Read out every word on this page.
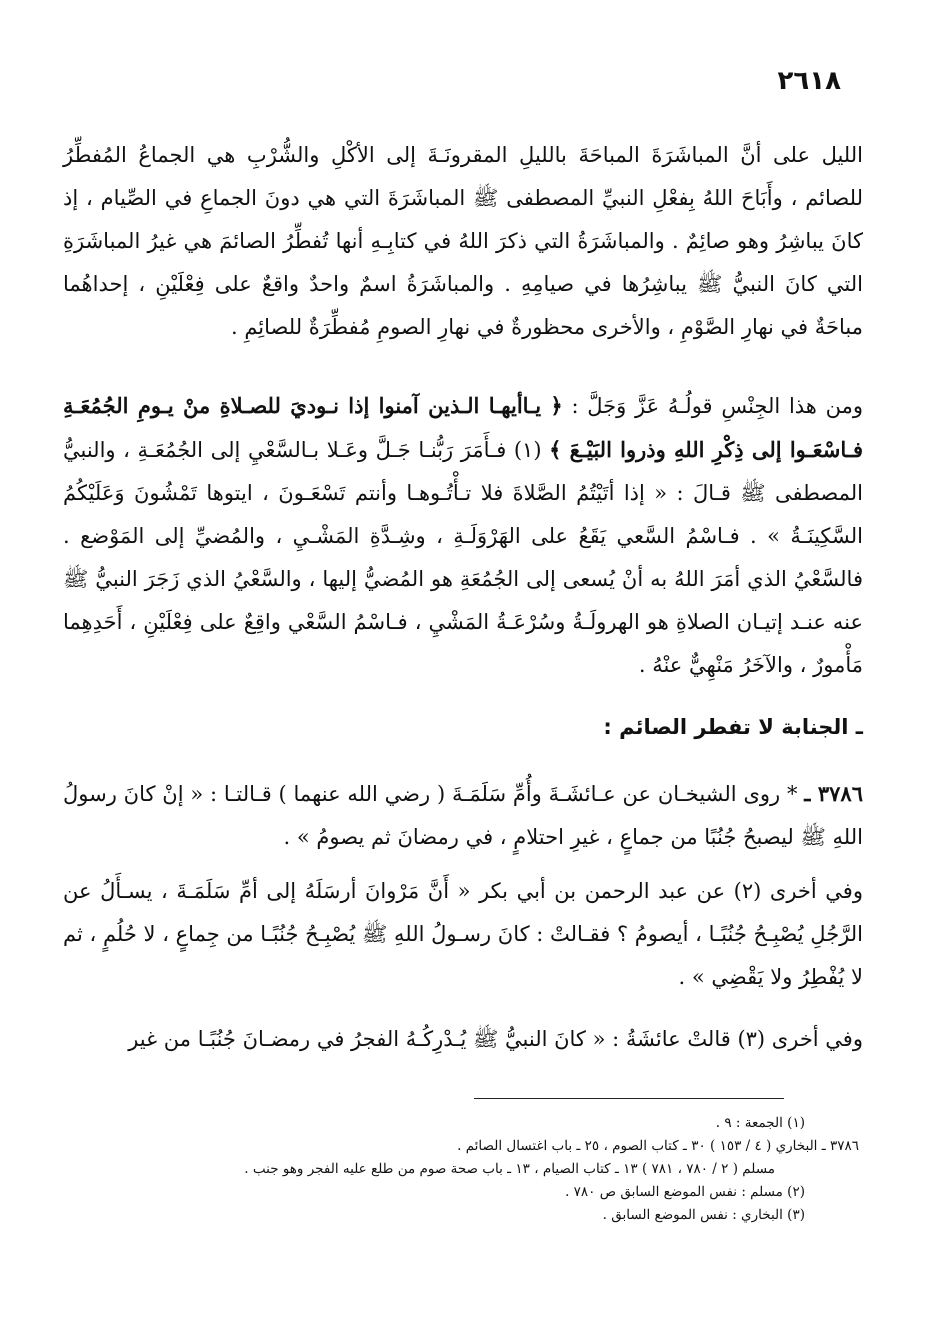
٢٦١٨
الليل على أنَّ المباشَرَةَ المباحَةَ بالليلِ المقرونَـةَ إلى الأكْلِ والشُّرْبِ هي الجماعُ المُفطِّرُ للصائم ، وأَبَاحَ اللهُ بِفعْلِ النبيِّ المصطفى ﷺ المباشَرَةَ التي هي دونَ الجماعِ في الصِّيام ، إذ كانَ يباشِرُ وهو صائِمٌ . والمباشَرَةُ التي ذكرَ اللهُ في كتابِـهِ أنها تُفطِّرُ الصائمَ هي غيرُ المباشَرَةِ التي كانَ النبيُّ ﷺ يباشِرُها في صيامِهِ . والمباشَرَةُ اسمٌ واحدٌ واقعٌ على فِعْلَيْنِ ، إحداهُما مباحَةٌ في نهارِ الصَّوْمِ ، والأخرى محظورةٌ في نهارِ الصومِ مُفطِّرَةٌ للصائِمِ .
ومن هذا الجِنْسِ قولُـهُ عَزَّ وَجَلَّ : ﴿ يـاأيهـا الـذين آمنوا إذا نـوديَ للصـلاةِ منْ يـومِ الجُمُعَـةِ فـاسْعَـوا إلى ذِكْرِ اللهِ وذروا البَيْـعَ ﴾ (١) فـأَمَرَ رَبُّنـا جَـلَّ وعَـلا بـالسَّعْيِ إلى الجُمُعَـةِ ، والنبيُّ المصطفى ﷺ قـالَ : « إذا أتَيْتُمُ الصَّلاةَ فلا تـأْتُـوهـا وأنتم تَسْعَـونَ ، ايتوها تَمْشُونَ وَعَلَيْكُمُ السَّكِينَـةُ » . فـاسْمُ السَّعي يَقَعُ على الهَرْوَلَـةِ ، وشِـدَّةِ المَشْـيِ ، والمُضيِّ إلى المَوْضع . فالسَّعْيُ الذي أمَرَ اللهُ به أنْ يُسعى إلى الجُمُعَةِ هو المُضيُّ إليها ، والسَّعْيُ الذي زَجَرَ النبيُّ ﷺ عنه عنـد إتيـان الصلاةِ هو الهرولَـةُ وسُرْعَـةُ المَشْيِ ، فـاسْمُ السَّعْي واقِعٌ على فِعْلَيْنِ ، أَحَدِهِما مَأْمورٌ ، والآخَرُ مَنْهِيٌّ عنْهُ .
ـ الجنابة لا تفطر الصائم :
٣٧٨٦ ـ * روى الشيخـان عن عـائشَـةَ وأُمِّ سَلَمَـةَ ( رضي الله عنهما ) قـالتـا : « إنْ كانَ رسولُ اللهِ ﷺ ليصبحُ جُنُبًا من جماعٍ ، غيرِ احتلامٍ ، في رمضانَ ثم يصومُ » .
وفي أخرى (٢) عن عبد الرحمن بن أبي بكر « أَنَّ مَرْوانَ أرسَلَهُ إلى أمِّ سَلَمَـةَ ، يسـأَلُ عن الرَّجُلِ يُصْبِـحُ جُنُبًـا ، أيصومُ ؟ فقـالتْ : كانَ رسـولُ اللهِ ﷺ يُصْبِـحُ جُنُبًـا من جِماعٍ ، لا حُلُمٍ ، ثم لا يُفْطِرُ ولا يَقْضِي » .
وفي أخرى (٣) قالتْ عائشَةُ : « كانَ النبيُّ ﷺ يُـدْرِكُـهُ الفجرُ في رمضـانَ جُنُبًـا من غير
(١) الجمعة : ٩ .
٣٧٨٦ ـ البخاري ( ٤ / ١٥٣ ) ٣٠ ـ كتاب الصوم ، ٢٥ ـ باب اغتسال الصائم .
مسلم ( ٢ / ٧٨٠ ، ٧٨١ ) ١٣ ـ كتاب الصيام ، ١٣ ـ باب صحة صوم من طلع عليه الفجر وهو جنب .
(٢) مسلم : نفس الموضع السابق ص ٧٨٠ .
(٣) البخاري : نفس الموضع السابق .
